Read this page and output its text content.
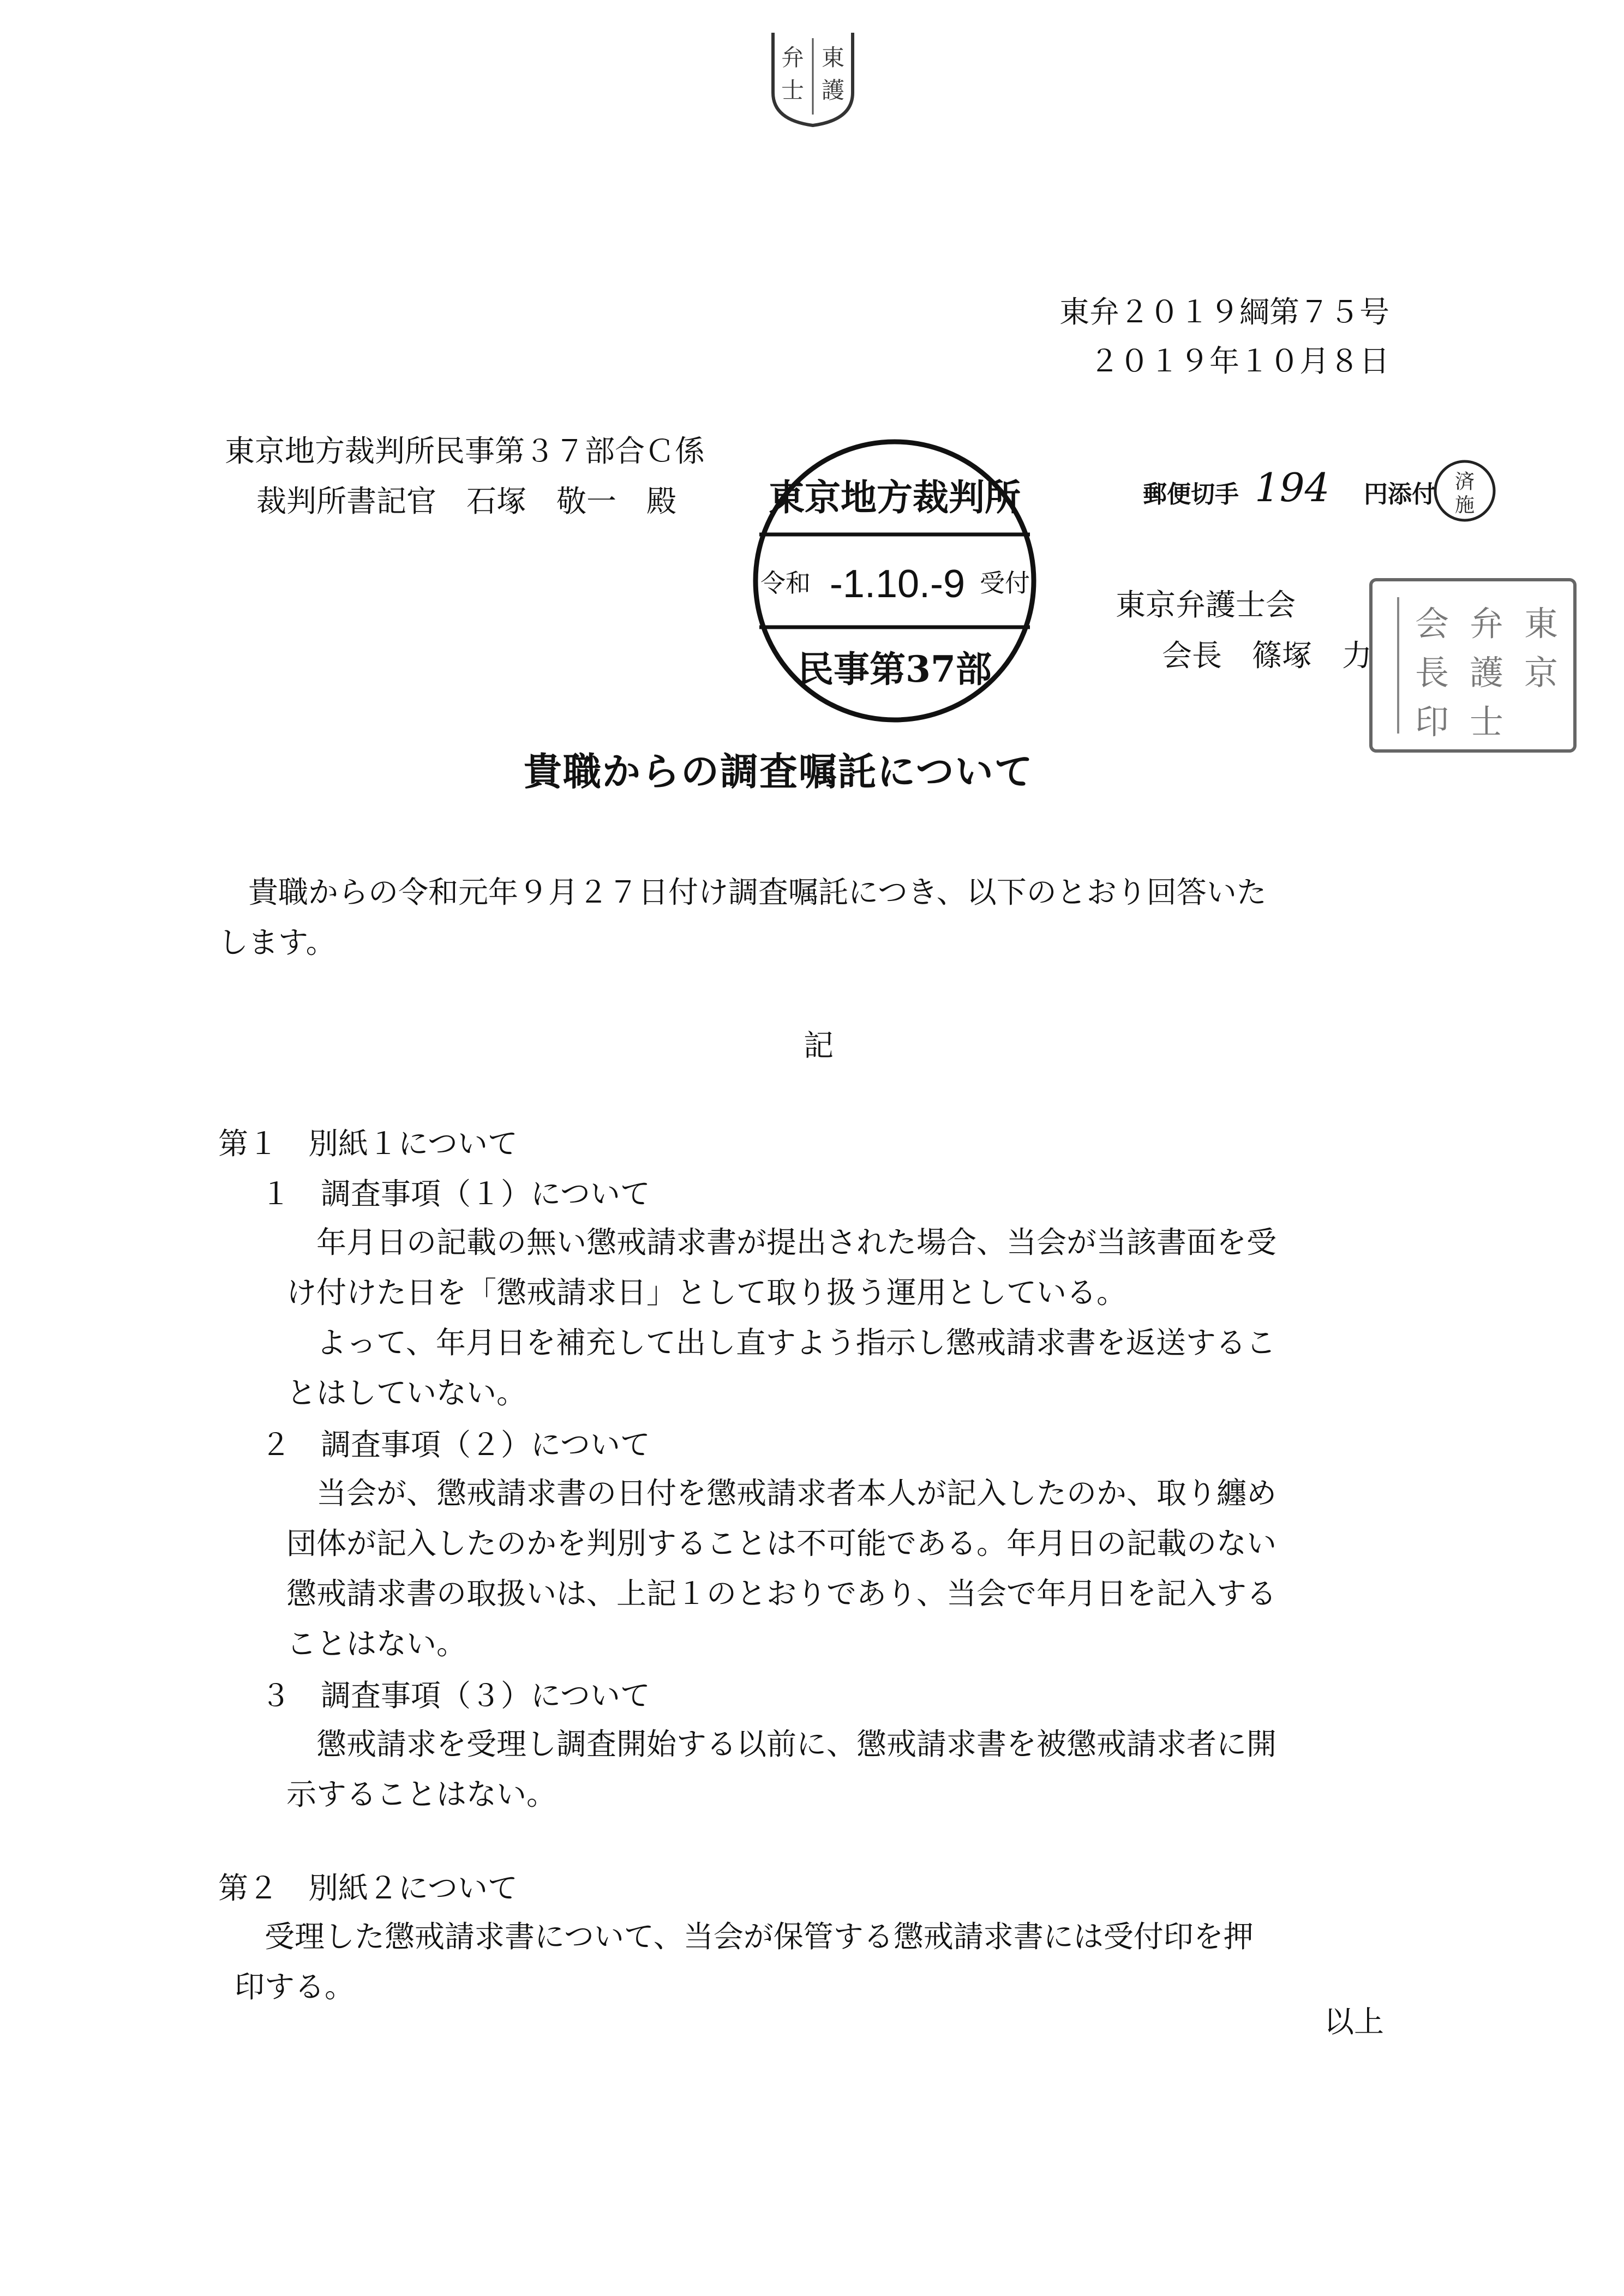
弁 東
士 護
東弁２０１９綱第７５号
２０１９年１０月８日
東京地方裁判所民事第３７部合Ｃ係
裁判所書記官　石塚　敬一　殿	東京地方裁判所
令和 -1.10.-9 受付
民事第37部
郵便切手 194 円添付 済
施
東京弁護士会
会長　篠塚　力
東
京
弁
護
士
会
長
印
貴職からの調査嘱託について
貴職からの令和元年９月２７日付け調査嘱託につき、以下のとおり回答いた
します。
記
第１　別紙１について
１　調査事項（１）について
年月日の記載の無い懲戒請求書が提出された場合、当会が当該書面を受
け付けた日を「懲戒請求日」として取り扱う運用としている。
よって、年月日を補充して出し直すよう指示し懲戒請求書を返送するこ
とはしていない。
２　調査事項（２）について
当会が、懲戒請求書の日付を懲戒請求者本人が記入したのか、取り纏め
団体が記入したのかを判別することは不可能である。年月日の記載のない
懲戒請求書の取扱いは、上記１のとおりであり、当会で年月日を記入する
ことはない。
３　調査事項（３）について
懲戒請求を受理し調査開始する以前に、懲戒請求書を被懲戒請求者に開
示することはない。
第２　別紙２について
受理した懲戒請求書について、当会が保管する懲戒請求書には受付印を押
印する。
以上
